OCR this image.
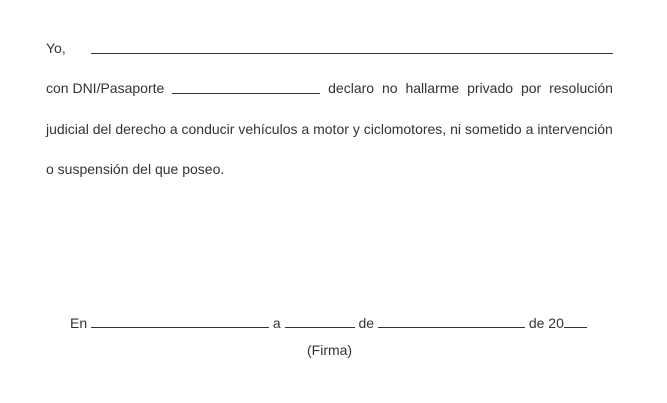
Yo,
con DNI/Pasaporte	declaro no hallarme privado por resolución
judicial del derecho a conducir vehículos a motor y ciclomotores, ni sometido a intervención
o suspensión del que poseo.
En	a	de	de 20
(Firma)
